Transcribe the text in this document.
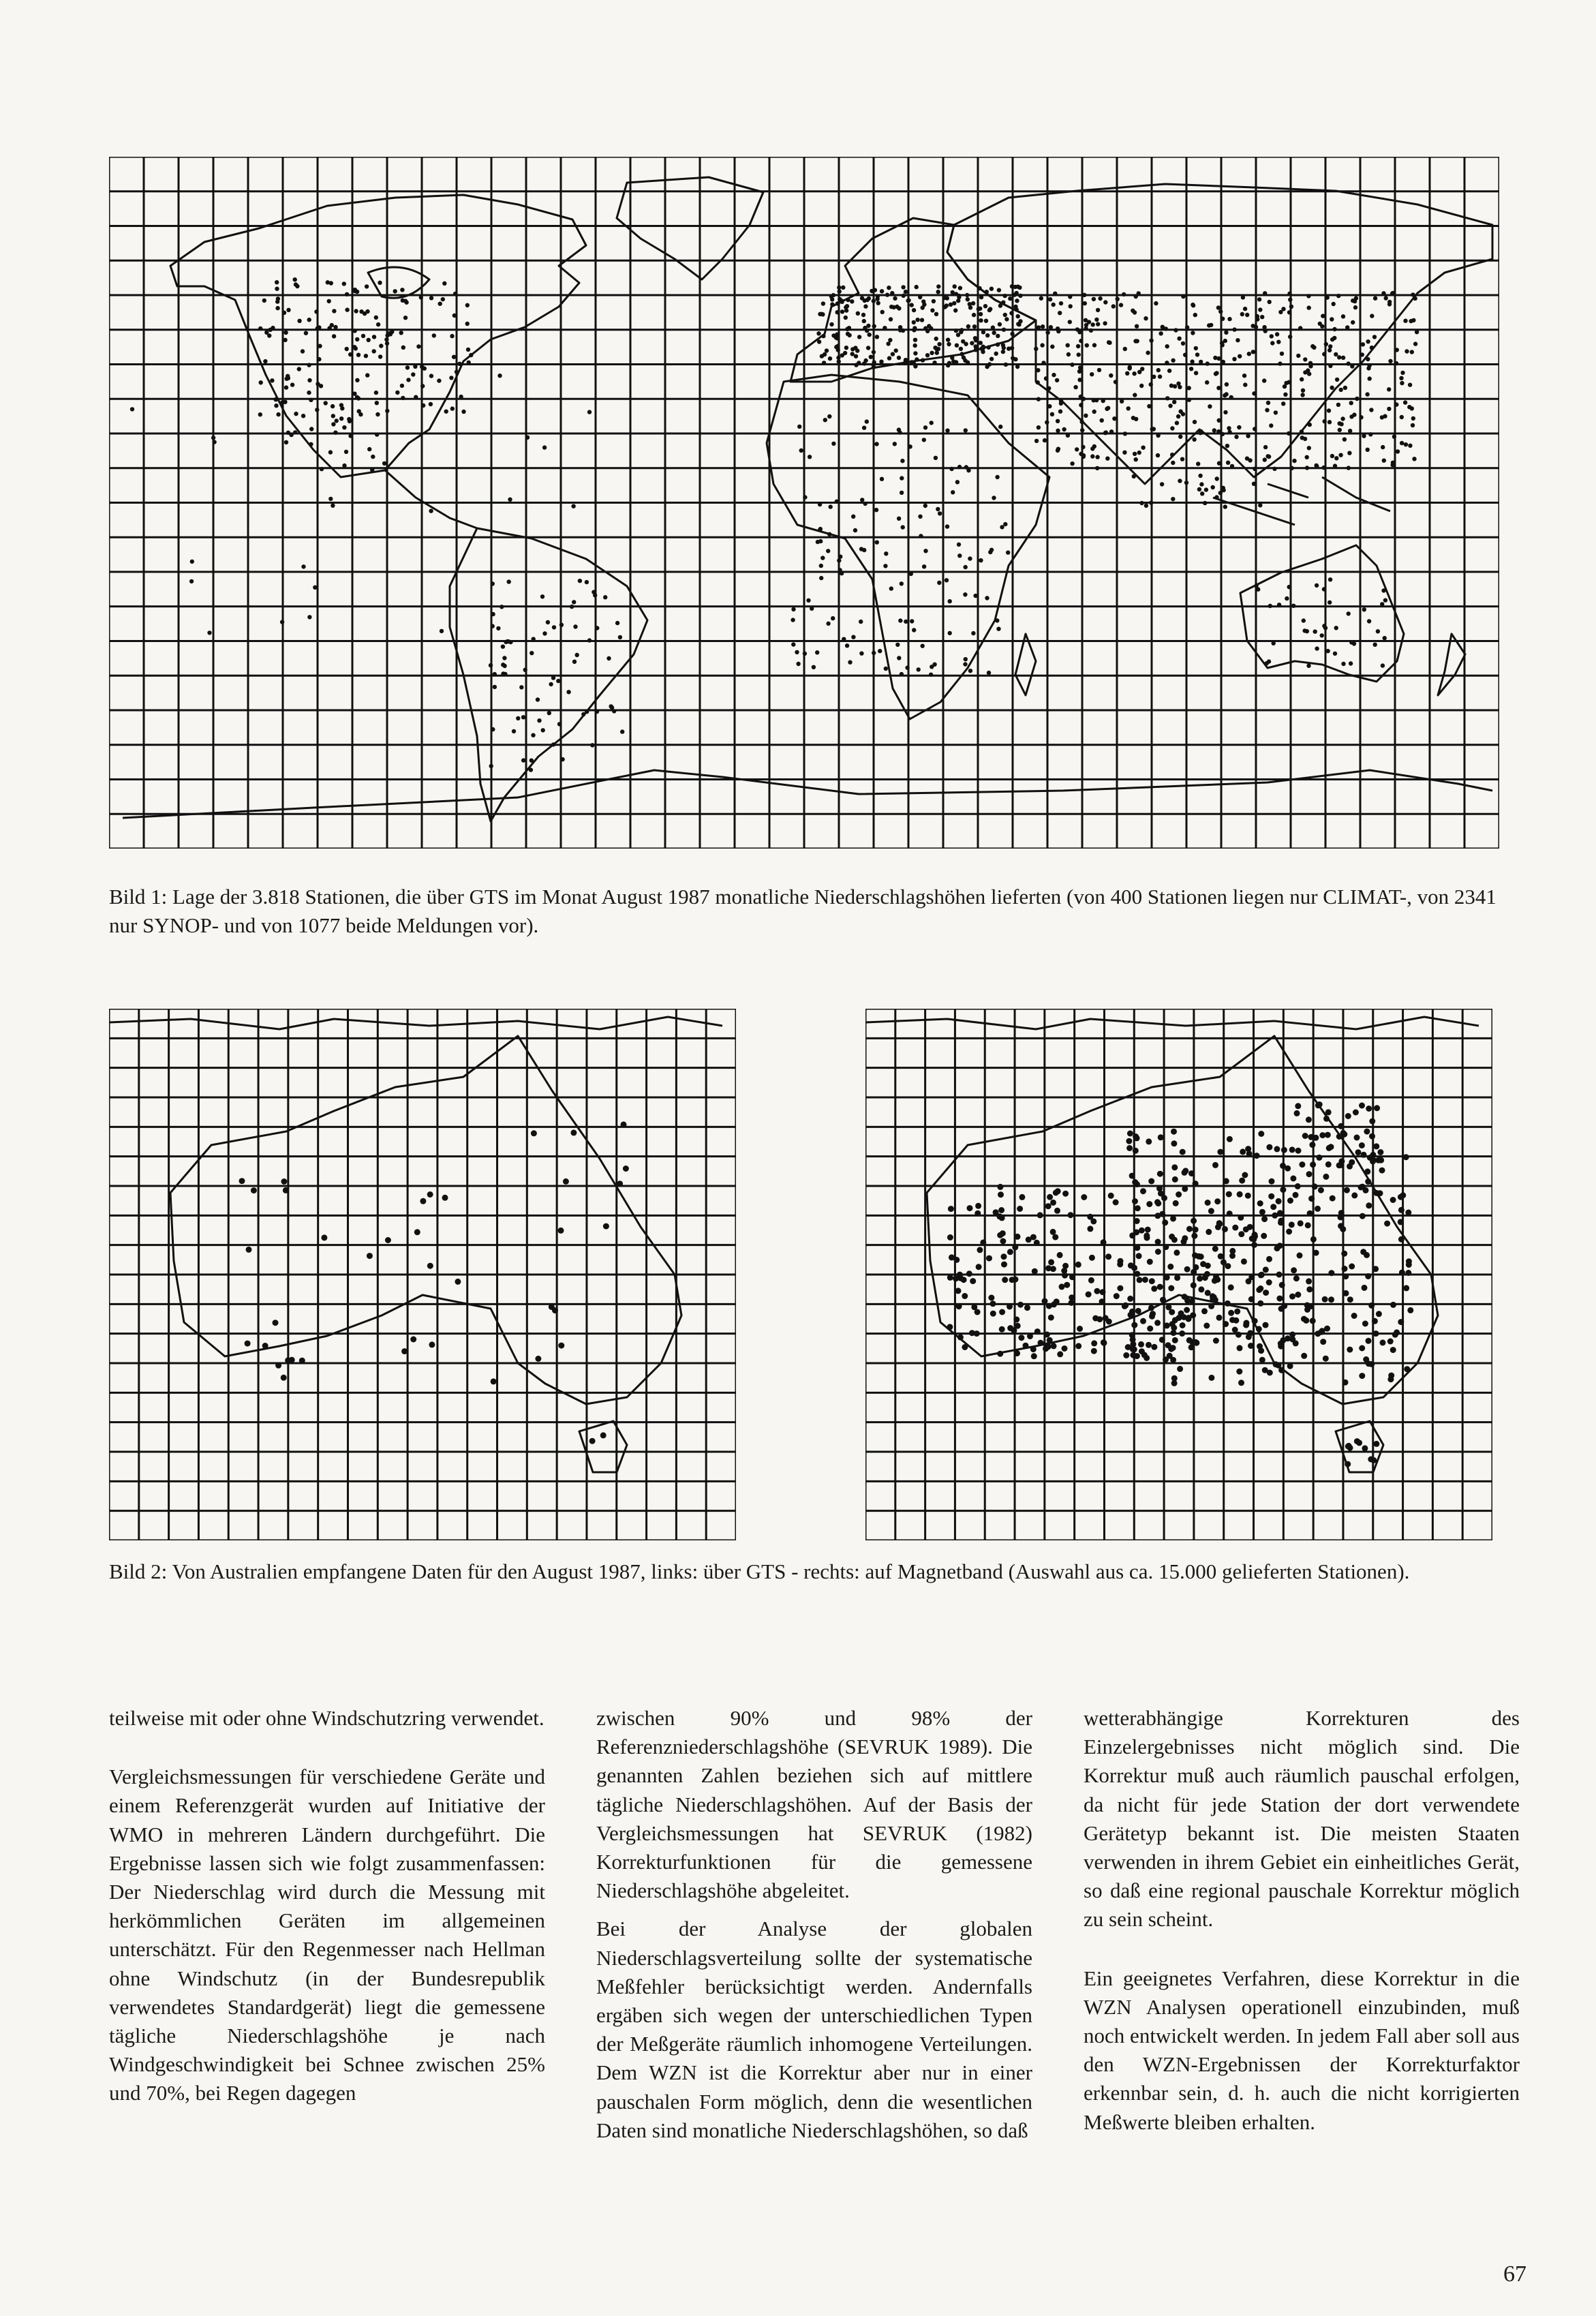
Bild 1: Lage der 3.818 Stationen, die über GTS im Monat August 1987 monatliche Niederschlagshöhen lieferten (von 400 Stationen liegen nur CLIMAT-, von 2341 nur SYNOP- und von 1077 beide Meldungen vor).
Bild 2: Von Australien empfangene Daten für den August 1987, links: über GTS - rechts: auf Magnetband (Auswahl aus ca. 15.000 gelieferten Stationen).

teilweise mit oder ohne Windschutzring verwendet.

Vergleichsmessungen für verschiedene Geräte und einem Referenzgerät wurden auf Initiative der WMO in mehreren Ländern durchgeführt. Die Ergebnisse lassen sich wie folgt zusammenfassen: Der Niederschlag wird durch die Messung mit herkömmlichen Geräten im allgemeinen unterschätzt. Für den Regenmesser nach Hellman ohne Windschutz (in der Bundesrepublik verwendetes Standardgerät) liegt die gemessene tägliche Niederschlagshöhe je nach Windgeschwindigkeit bei Schnee zwischen 25% und 70%, bei Regen dagegen

zwischen 90% und 98% der Referenzniederschlagshöhe (SEVRUK 1989). Die genannten Zahlen beziehen sich auf mittlere tägliche Niederschlagshöhen. Auf der Basis der Vergleichsmessungen hat SEVRUK (1982) Korrekturfunktionen für die gemessene Niederschlagshöhe abgeleitet.

Bei der Analyse der globalen Niederschlagsverteilung sollte der systematische Meßfehler berücksichtigt werden. Andernfalls ergäben sich wegen der unterschiedlichen Typen der Meßgeräte räumlich inhomogene Verteilungen. Dem WZN ist die Korrektur aber nur in einer pauschalen Form möglich, denn die wesentlichen Daten sind monatliche Niederschlagshöhen, so daß

wetterabhängige Korrekturen des Einzelergebnisses nicht möglich sind. Die Korrektur muß auch räumlich pauschal erfolgen, da nicht für jede Station der dort verwendete Gerätetyp bekannt ist. Die meisten Staaten verwenden in ihrem Gebiet ein einheitliches Gerät, so daß eine regional pauschale Korrektur möglich zu sein scheint.

Ein geeignetes Verfahren, diese Korrektur in die WZN Analysen operationell einzubinden, muß noch entwickelt werden. In jedem Fall aber soll aus den WZN-Ergebnissen der Korrekturfaktor erkennbar sein, d. h. auch die nicht korrigierten Meßwerte bleiben erhalten.

67
